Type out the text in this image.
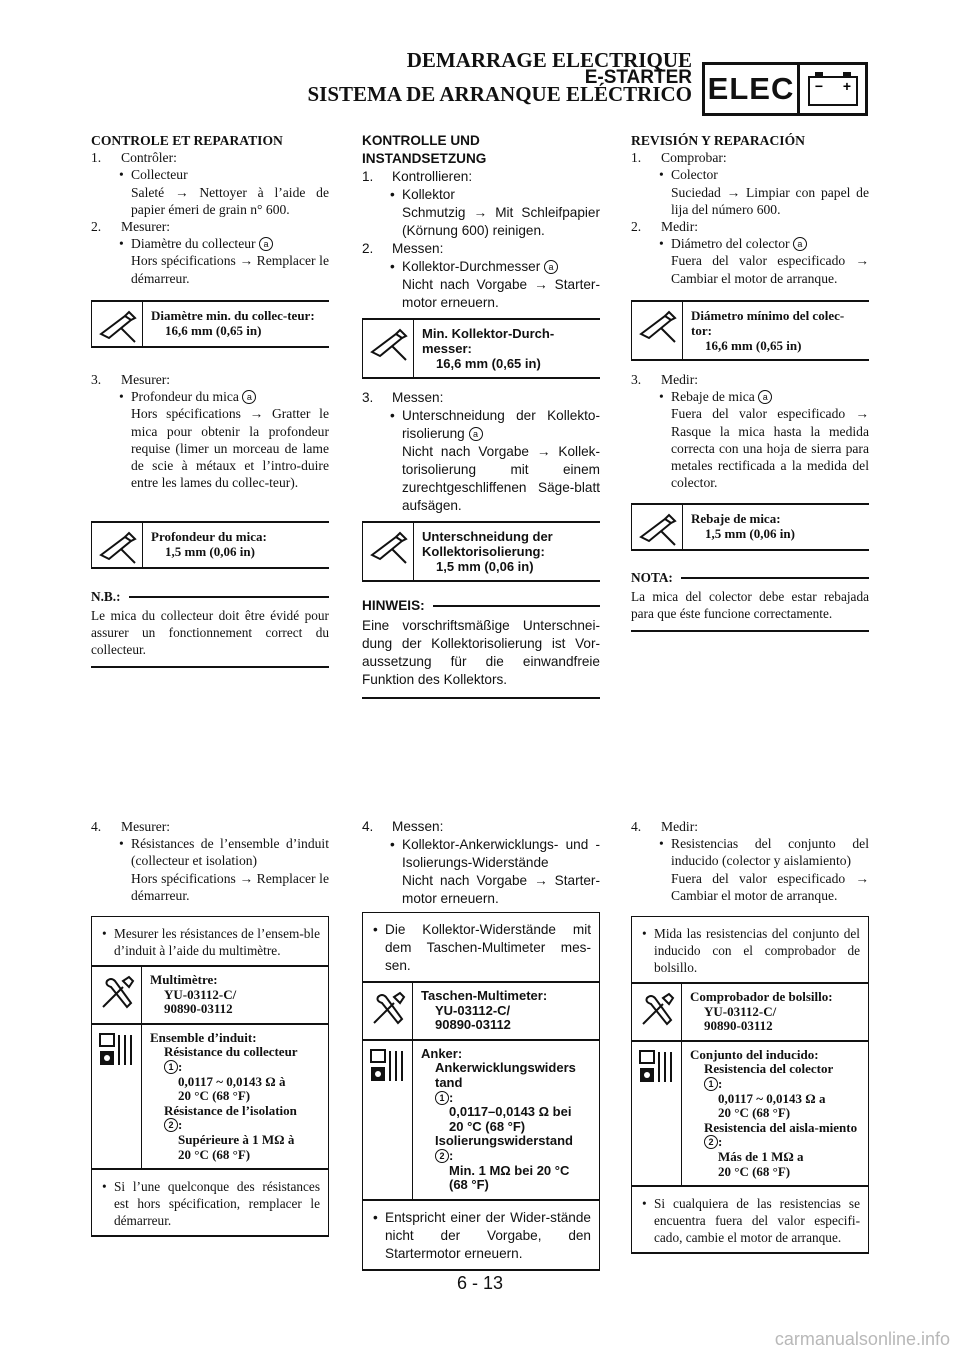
DEMARRAGE ELECTRIQUE
E-STARTER
SISTEMA DE ARRANQUE ELÉCTRICO ELEC	− +
CONTROLE ET REPARATION
1.	Contrôler:
• Collecteur
Saleté → Nettoyer à l’aide de papier émeri de grain n° 600.
2.	Mesurer:
• Diamètre du collecteur a
Hors spécifications → Remplacer le démarreur.
Diamètre min. du collec-teur:
16,6 mm (0,65 in)
3.	Mesurer:
• Profondeur du mica a
Hors spécifications → Gratter le mica pour obtenir la profondeur requise (limer un morceau de lame de scie à métaux et l’intro-duire entre les lames du collec-teur).
Profondeur du mica:
1,5 mm (0,06 in)
N.B.:
Le mica du collecteur doit être évidé pour assurer un fonctionnement correct du collecteur.
KONTROLLE UND INSTANDSETZUNG
1.	Kontrollieren:
• Kollektor
Schmutzig → Mit Schleifpapier (Körnung 600) reinigen.
2.	Messen:
• Kollektor-Durchmesser a
Nicht nach Vorgabe → Starter-motor erneuern.
Min. Kollektor-Durch-messer:
16,6 mm (0,65 in)
3.	Messen:
• Unterschneidung der Kollekto-risolierung a
Nicht nach Vorgabe → Kollek-torisolierung mit einem zurechtgeschliffenen Säge-blatt aufsägen.
Unterschneidung der Kollektorisolierung:
1,5 mm (0,06 in)
HINWEIS:
Eine vorschriftsmäßige Unterschnei-dung der Kollektorisolierung ist Vor-aussetzung für die einwandfreie Funktion des Kollektors.
REVISIÓN Y REPARACIÓN
1.	Comprobar:
• Colector
Suciedad → Limpiar con papel de lija del número 600.
2.	Medir:
• Diámetro del colector a
Fuera del valor especificado → Cambiar el motor de arranque.
Diámetro mínimo del colec-tor:
16,6 mm (0,65 in)
3.	Medir:
• Rebaje de mica a
Fuera del valor especificado → Rasque la mica hasta la medida correcta con una hoja de sierra para metales rectificada a la medida del colector.
Rebaje de mica:
1,5 mm (0,06 in)
NOTA:
La mica del colector debe estar rebajada para que éste funcione correctamente.
4.	Mesurer:
• Résistances de l’ensemble d’induit (collecteur et isolation)
Hors spécifications → Remplacer le démarreur.
• Mesurer les résistances de l’ensem-ble d’induit à l’aide du multimètre.
Multimètre:
YU-03112-C/
90890-03112
Ensemble d’induit:
Résistance du collecteur
1 :
0,0117 ~ 0,0143 Ω à
20 °C (68 °F)
Résistance de l’isolation
2 :
Supérieure à 1 MΩ à
20 °C (68 °F)
• Si l’une quelconque des résistances est hors spécification, remplacer le démarreur.
4.	Messen:
• Kollektor-Ankerwicklungs- und -Isolierungs-Widerstände
Nicht nach Vorgabe → Starter-motor erneuern.
• Die Kollektor-Widerstände mit dem Taschen-Multimeter mes-sen.
Taschen-Multimeter:
YU-03112-C/
90890-03112
Anker:
Ankerwicklungswiders tand
1 :
0,0117–0,0143 Ω bei
20 °C (68 °F)
Isolierungswiderstand
2 :
Min. 1 MΩ bei 20 °C
(68 °F)
• Entspricht einer der Wider-stände nicht der Vorgabe, den Startermotor erneuern.
4.	Medir:
• Resistencias del conjunto del inducido (colector y aislamiento)
Fuera del valor especificado → Cambiar el motor de arranque.
• Mida las resistencias del conjunto del inducido con el comprobador de bolsillo.
Comprobador de bolsillo:
YU-03112-C/
90890-03112
Conjunto del inducido:
Resistencia del colector
1 :
0,0117 ~ 0,0143 Ω a
20 °C (68 °F)
Resistencia del aisla-miento
2 :
Más de 1 MΩ a
20 °C (68 °F)
• Si cualquiera de las resistencias se encuentra fuera del valor especifi-cado, cambie el motor de arranque.
6 - 13
carmanualsonline.info
